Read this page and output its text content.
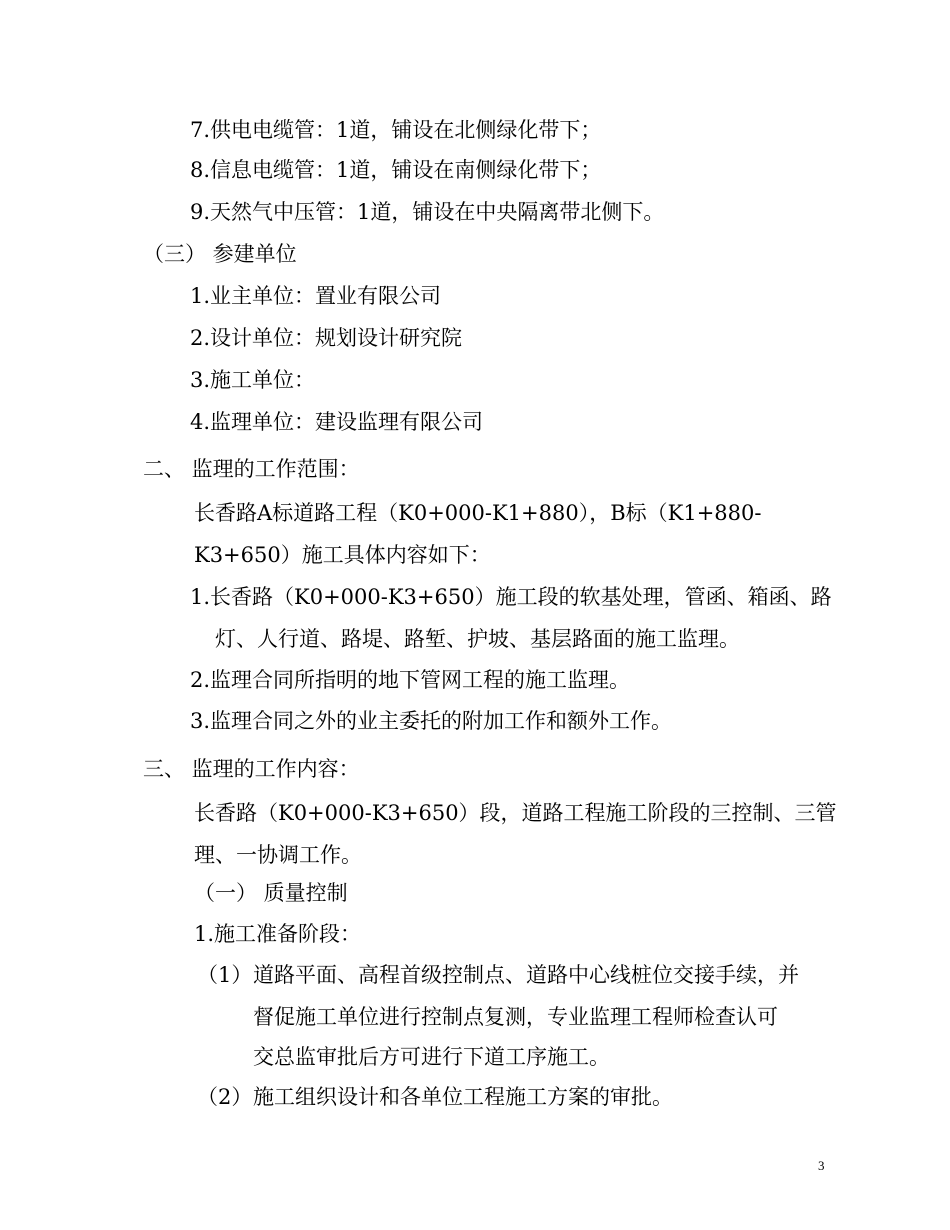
7.供电电缆管：1道，铺设在北侧绿化带下；
8.信息电缆管：1道，铺设在南侧绿化带下；
9.天然气中压管：1道，铺设在中央隔离带北侧下。
（三） 参建单位
1.业主单位：置业有限公司
2.设计单位：规划设计研究院
3.施工单位：
4.监理单位：建设监理有限公司
二、 监理的工作范围：
长香路A标道路工程（K0+000-K1+880），B标（K1+880-
K3+650）施工具体内容如下：
1.长香路（K0+000-K3+650）施工段的软基处理，管函、箱函、路
灯、人行道、路堤、路堑、护坡、基层路面的施工监理。
2.监理合同所指明的地下管网工程的施工监理。
3.监理合同之外的业主委托的附加工作和额外工作。
三、 监理的工作内容：
长香路（K0+000-K3+650）段，道路工程施工阶段的三控制、三管
理、一协调工作。
（一） 质量控制
1.施工准备阶段：
（1） 道路平面、高程首级控制点、道路中心线桩位交接手续，并
督促施工单位进行控制点复测，专业监理工程师检查认可
交总监审批后方可进行下道工序施工。
（2） 施工组织设计和各单位工程施工方案的审批。
3
